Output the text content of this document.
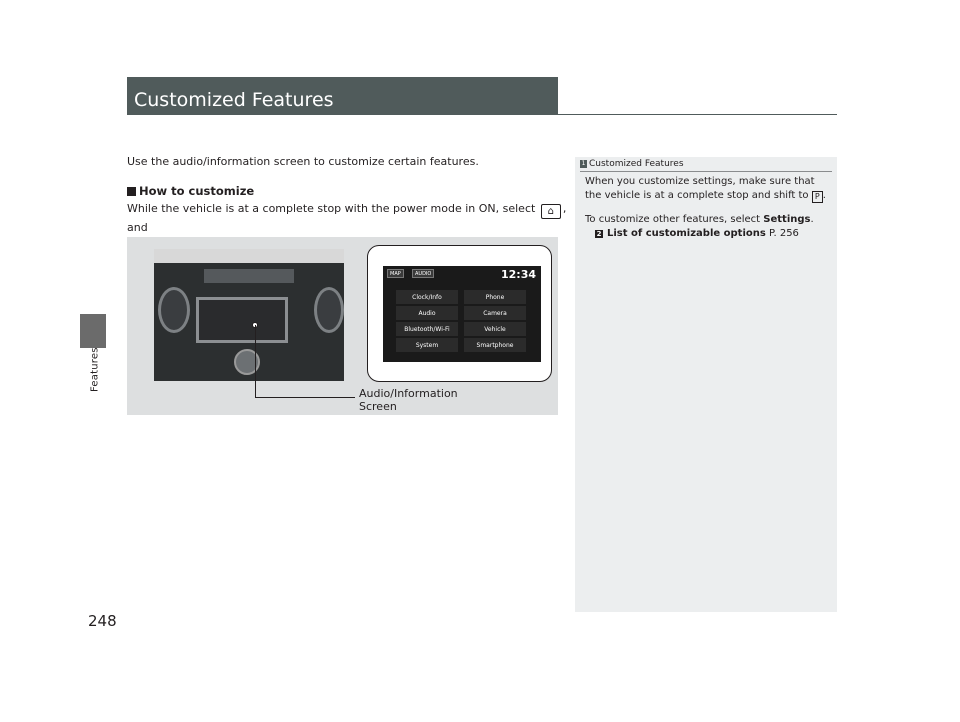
Features
248
Customized Features
Use the audio/information screen to customize certain features.
How to customize
While the vehicle is at a complete stop with the power mode in ON, select ⌂ , and

MAP	AUDIO	12:34
Clock/Info	Phone
Audio	Camera
Bluetooth/Wi-Fi	Vehicle
System	Smartphone
Audio/Information
Screen
1 Customized Features
When you customize settings, make sure that the vehicle is at a complete stop and shift to P .
To customize other features, select Settings.
2 List of customizable options P. 256
